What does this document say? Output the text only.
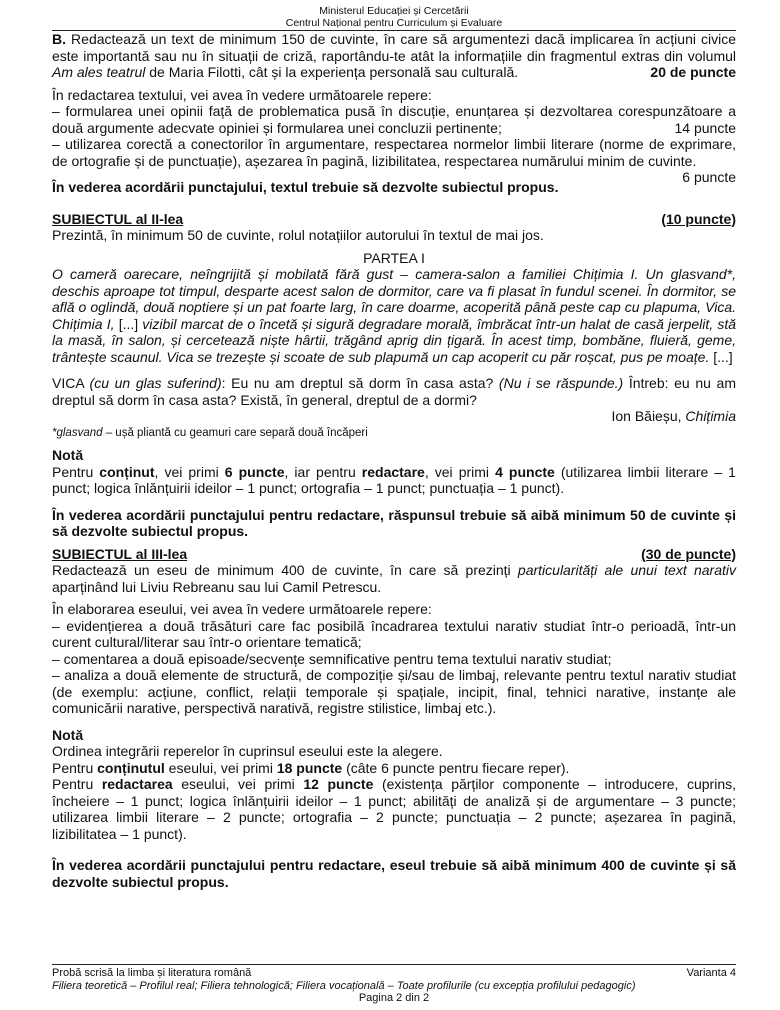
Ministerul Educației și Cercetării
Centrul Național pentru Curriculum și Evaluare

B. Redactează un text de minimum 150 de cuvinte, în care să argumentezi dacă implicarea în acțiuni civice este importantă sau nu în situații de criză, raportându-te atât la informațiile din fragmentul extras din volumul Am ales teatrul de Maria Filotti, cât și la experiența personală sau culturală.	20 de puncte

În redactarea textului, vei avea în vedere următoarele repere:

– formularea unei opinii față de problematica pusă în discuție, enunțarea și dezvoltarea corespunzătoare a două argumente adecvate opiniei și formularea unei concluzii pertinente;	14 puncte

– utilizarea corectă a conectorilor în argumentare, respectarea normelor limbii literare (norme de exprimare, de ortografie și de punctuație), așezarea în pagină, lizibilitatea, respectarea numărului minim de cuvinte.
6 puncte

În vederea acordării punctajului, textul trebuie să dezvolte subiectul propus.

SUBIECTUL al II-lea	(10 puncte)

Prezintă, în minimum 50 de cuvinte, rolul notațiilor autorului în textul de mai jos.

PARTEA I

O cameră oarecare, neîngrijită și mobilată fără gust – camera-salon a familiei Chițimia I. Un glasvand*, deschis aproape tot timpul, desparte acest salon de dormitor, care va fi plasat în fundul scenei. În dormitor, se află o oglindă, două noptiere și un pat foarte larg, în care doarme, acoperită până peste cap cu plapuma, Vica. Chițimia I, [...] vizibil marcat de o încetă și sigură degradare morală, îmbrăcat într-un halat de casă jerpelit, stă la masă, în salon, și cercetează niște hârtii, trăgând aprig din țigară. În acest timp, bombăne, fluieră, geme, trântește scaunul. Vica se trezește și scoate de sub plapumă un cap acoperit cu păr roșcat, pus pe moațe. [...]

VICA (cu un glas suferind): Eu nu am dreptul să dorm în casa asta? (Nu i se răspunde.) Întreb: eu nu am dreptul să dorm în casa asta? Există, în general, dreptul de a dormi?

Ion Băieșu, Chițimia
*glasvand – ușă pliantă cu geamuri care separă două încăperi

Notă

Pentru conținut, vei primi 6 puncte, iar pentru redactare, vei primi 4 puncte (utilizarea limbii literare – 1 punct; logica înlănțuirii ideilor – 1 punct; ortografia – 1 punct; punctuația – 1 punct).

În vederea acordării punctajului pentru redactare, răspunsul trebuie să aibă minimum 50 de cuvinte și să dezvolte subiectul propus.

SUBIECTUL al III-lea	(30 de puncte)

Redactează un eseu de minimum 400 de cuvinte, în care să prezinți particularități ale unui text narativ aparținând lui Liviu Rebreanu sau lui Camil Petrescu.

În elaborarea eseului, vei avea în vedere următoarele repere:

– evidențierea a două trăsături care fac posibilă încadrarea textului narativ studiat într-o perioadă, într-un curent cultural/literar sau într-o orientare tematică;

– comentarea a două episoade/secvențe semnificative pentru tema textului narativ studiat;

– analiza a două elemente de structură, de compoziție și/sau de limbaj, relevante pentru textul narativ studiat (de exemplu: acțiune, conflict, relații temporale și spațiale, incipit, final, tehnici narative, instanțe ale comunicării narative, perspectivă narativă, registre stilistice, limbaj etc.).

Notă

Ordinea integrării reperelor în cuprinsul eseului este la alegere.

Pentru conținutul eseului, vei primi 18 puncte (câte 6 puncte pentru fiecare reper).

Pentru redactarea eseului, vei primi 12 puncte (existența părților componente – introducere, cuprins, încheiere – 1 punct; logica înlănțuirii ideilor – 1 punct; abilități de analiză și de argumentare – 3 puncte; utilizarea limbii literare – 2 puncte; ortografia – 2 puncte; punctuația – 2 puncte; așezarea în pagină, lizibilitatea – 1 punct).

În vederea acordării punctajului pentru redactare, eseul trebuie să aibă minimum 400 de cuvinte și să dezvolte subiectul propus.

Probă scrisă la limba și literatura română	Varianta 4
Filiera teoretică – Profilul real; Filiera tehnologică; Filiera vocațională – Toate profilurile (cu excepția profilului pedagogic)
Pagina 2 din 2
